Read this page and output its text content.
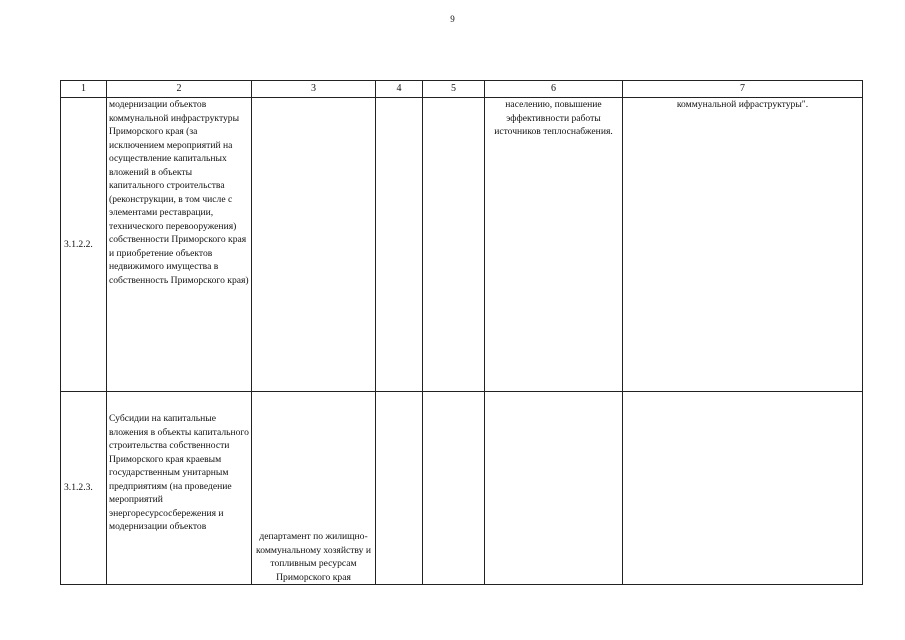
9
1	2	3	4	5	6	7
3.1.2.2.	модернизации объектов коммунальной инфраструктуры Приморского края (за исключением мероприятий на осуществление капитальных вложений в объекты капитального строительства (реконструкции, в том числе с элементами реставрации, технического перевооружения) собственности Приморского края и приобретение объектов недвижимого имущества в собственность Приморского края)				населению, повышение эффективности работы источников теплоснабжения.	коммунальной ифраструктуры".
3.1.2.3.	Субсидии на капитальные вложения в объекты капитального строительства собственности Приморского края краевым государственным унитарным предприятиям (на проведение мероприятий энергоресурсосбережения и модернизации объектов	департамент по жилищно-коммунальному хозяйству и топливным ресурсам Приморского края				
